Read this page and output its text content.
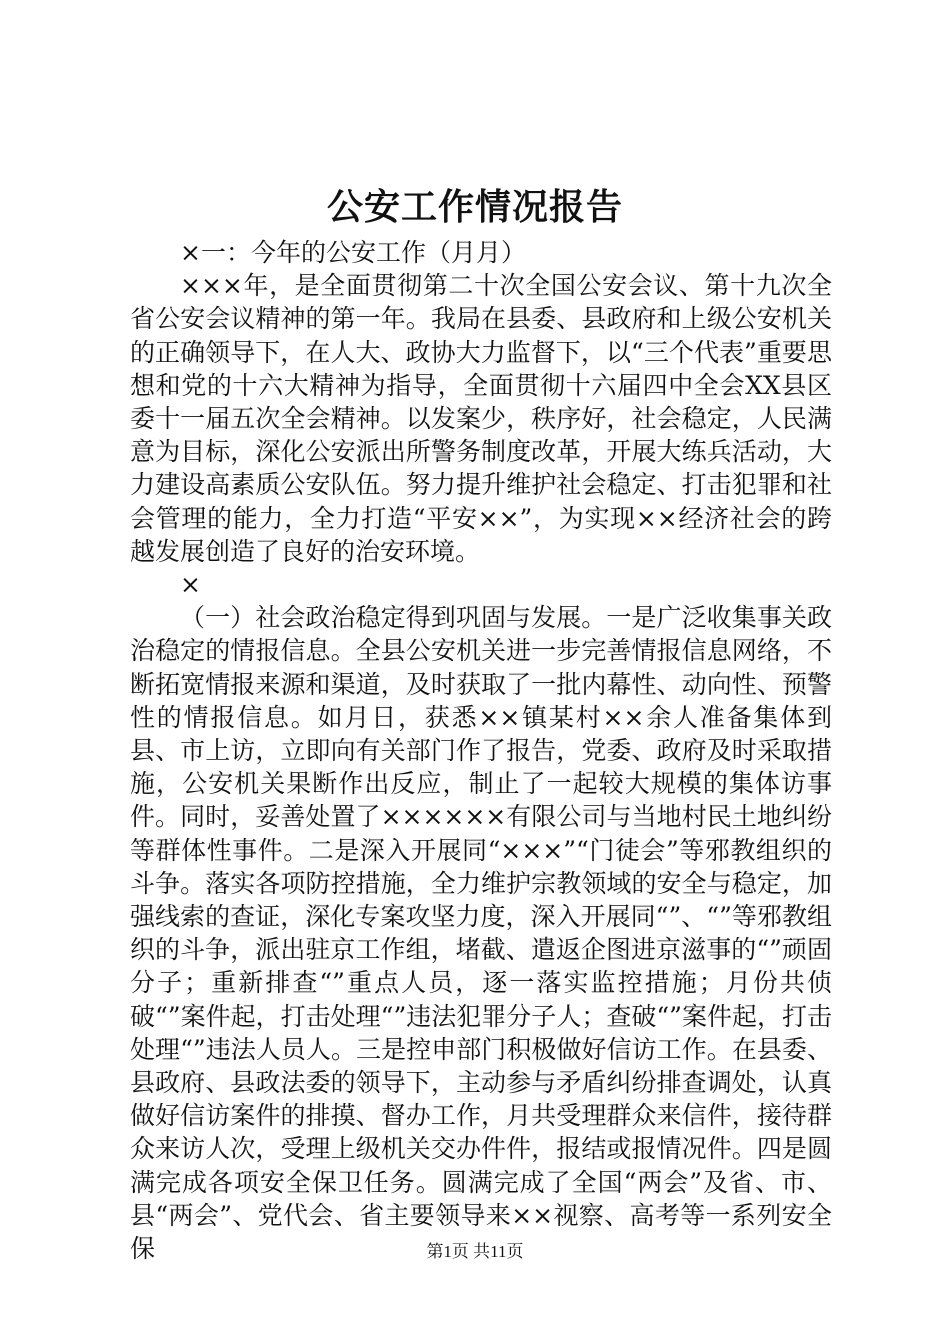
公安工作情况报告

×一：今年的公安工作（月月）

×××年，是全面贯彻第二十次全国公安会议、第十九次全省公安会议精神的第一年。我局在县委、县政府和上级公安机关的正确领导下，在人大、政协大力监督下，以“三个代表”重要思想和党的十六大精神为指导，全面贯彻十六届四中全会XX县区委十一届五次全会精神。以发案少，秩序好，社会稳定，人民满意为目标，深化公安派出所警务制度改革，开展大练兵活动，大力建设高素质公安队伍。努力提升维护社会稳定、打击犯罪和社会管理的能力，全力打造“平安××”，为实现××经济社会的跨越发展创造了良好的治安环境。

×

（一）社会政治稳定得到巩固与发展。一是广泛收集事关政治稳定的情报信息。全县公安机关进一步完善情报信息网络，不断拓宽情报来源和渠道，及时获取了一批内幕性、动向性、预警性的情报信息。如月日，获悉××镇某村××余人准备集体到县、市上访，立即向有关部门作了报告，党委、政府及时采取措施，公安机关果断作出反应，制止了一起较大规模的集体访事件。同时，妥善处置了××××××有限公司与当地村民土地纠纷等群体性事件。二是深入开展同“×××”“门徒会”等邪教组织的斗争。落实各项防控措施，全力维护宗教领域的安全与稳定，加强线索的查证，深化专案攻坚力度，深入开展同“”、“”等邪教组织的斗争，派出驻京工作组，堵截、遣返企图进京滋事的“”顽固分子；重新排查“”重点人员，逐一落实监控措施；月份共侦破“”案件起，打击处理“”违法犯罪分子人；查破“”案件起，打击处理“”违法人员人。三是控申部门积极做好信访工作。在县委、县政府、县政法委的领导下，主动参与矛盾纠纷排查调处，认真做好信访案件的排摸、督办工作，月共受理群众来信件，接待群众来访人次，受理上级机关交办件件，报结或报情况件。四是圆满完成各项安全保卫任务。圆满完成了全国“两会”及省、市、县“两会”、党代会、省主要领导来××视察、高考等一系列安全保	第1页 共11页
